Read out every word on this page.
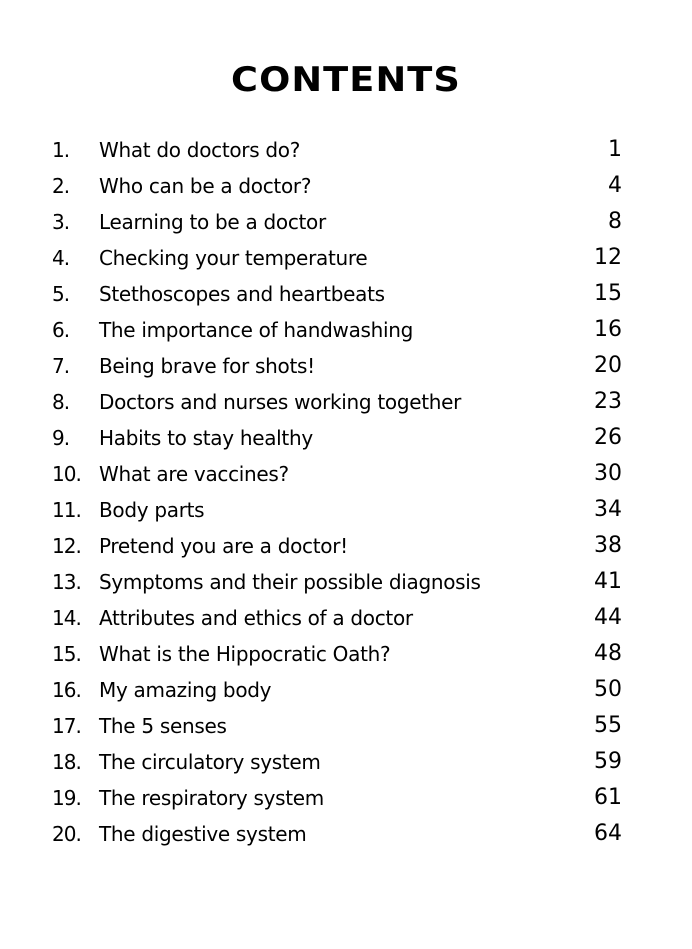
CONTENTS
1.	What do doctors do?	1
2.	Who can be a doctor?	4
3.	Learning to be a doctor	8
4.	Checking your temperature	12
5.	Stethoscopes and heartbeats	15
6.	The importance of handwashing	16
7.	Being brave for shots!	20
8.	Doctors and nurses working together	23
9.	Habits to stay healthy	26
10. What are vaccines?	30
11. Body parts	34
12. Pretend you are a doctor!	38
13. Symptoms and their possible diagnosis	41
14. Attributes and ethics of a doctor	44
15. What is the Hippocratic Oath?	48
16. My amazing body	50
17. The 5 senses	55
18. The circulatory system	59
19. The respiratory system	61
20. The digestive system	64
